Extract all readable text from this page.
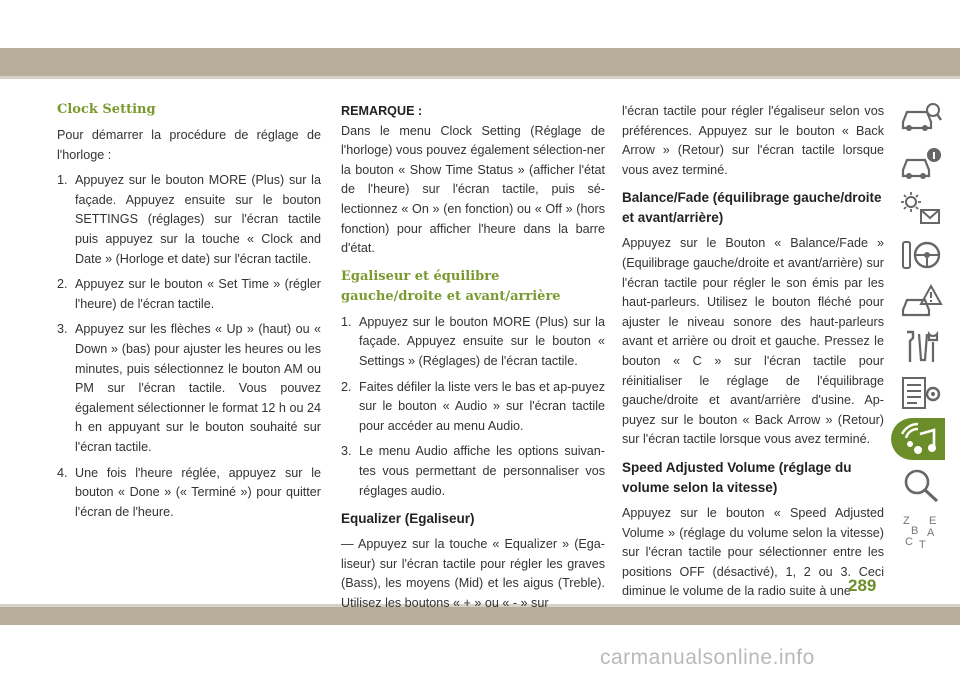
Clock Setting

Pour démarrer la procédure de réglage de l'horloge :

1. Appuyez sur le bouton MORE (Plus) sur la façade. Appuyez ensuite sur le bouton SETTINGS (réglages) sur l'écran tactile puis appuyez sur la touche « Clock and Date » (Horloge et date) sur l'écran tactile.
2. Appuyez sur le bouton « Set Time » (régler l'heure) de l'écran tactile.
3. Appuyez sur les flèches « Up » (haut) ou « Down » (bas) pour ajuster les heures ou les minutes, puis sélectionnez le bouton AM ou PM sur l'écran tactile. Vous pouvez également sélectionner le format 12 h ou 24 h en appuyant sur le bouton souhaité sur l'écran tactile.
4. Une fois l'heure réglée, appuyez sur le bouton « Done » (« Terminé ») pour quitter l'écran de l'heure.
REMARQUE :

Dans le menu Clock Setting (Réglage de l'horloge) vous pouvez également sélection-ner la bouton « Show Time Status » (afficher l'état de l'heure) sur l'écran tactile, puis sé-lectionnez « On » (en fonction) ou « Off » (hors fonction) pour afficher l'heure dans la barre d'état.

Egaliseur et équilibre gauche/droite et avant/arrière
1. Appuyez sur le bouton MORE (Plus) sur la façade. Appuyez ensuite sur le bouton « Settings » (Réglages) de l'écran tactile.
2. Faites défiler la liste vers le bas et ap-puyez sur le bouton « Audio » sur l'écran tactile pour accéder au menu Audio.
3. Le menu Audio affiche les options suivan-tes vous permettant de personnaliser vos réglages audio.
Equalizer (Egaliseur)

— Appuyez sur la touche « Equalizer » (Ega-liseur) sur l'écran tactile pour régler les graves (Bass), les moyens (Mid) et les aigus (Treble). Utilisez les boutons « + » ou « - » sur

l'écran tactile pour régler l'égaliseur selon vos préférences. Appuyez sur le bouton « Back Arrow » (Retour) sur l'écran tactile lorsque vous avez terminé.

Balance/Fade (équilibrage gauche/droite et avant/arrière)

Appuyez sur le Bouton « Balance/Fade » (Equilibrage gauche/droite et avant/arrière) sur l'écran tactile pour régler le son émis par les haut-parleurs. Utilisez le bouton fléché pour ajuster le niveau sonore des haut-parleurs avant et arrière ou droit et gauche. Pressez le bouton « C » sur l'écran tactile pour réinitialiser le réglage de l'équilibrage gauche/droite et avant/arrière d'usine. Ap-puyez sur le bouton « Back Arrow » (Retour) sur l'écran tactile lorsque vous avez terminé.

Speed Adjusted Volume (réglage du volume selon la vitesse)

Appuyez sur le bouton « Speed Adjusted Volume » (réglage du volume selon la vitesse) sur l'écran tactile pour sélectionner entre les positions OFF (désactivé), 1, 2 ou 3. Ceci diminue le volume de la radio suite à une

Z E
B A
C T
289
carmanualsonline.info
